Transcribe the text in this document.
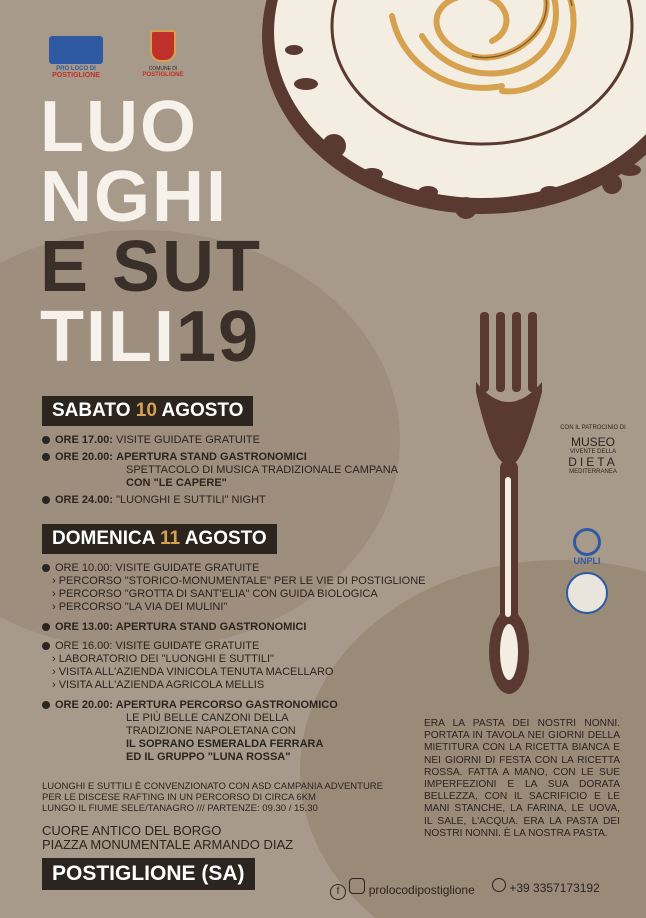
PRO LOCO DI
POSTIGLIONE
COMUNE DI
POSTIGLIONE
LUO
NGHI
E SUT
TILI19
SABATO 10 AGOSTO
ORE 17.00: VISITE GUIDATE GRATUITE
ORE 20.00: APERTURA STAND GASTRONOMICI
SPETTACOLO DI MUSICA TRADIZIONALE CAMPANA
CON "LE CAPERE"
ORE 24.00: "LUONGHI E SUTTILI" NIGHT
DOMENICA 11 AGOSTO
ORE 10.00: VISITE GUIDATE GRATUITE
› PERCORSO "STORICO-MONUMENTALE" PER LE VIE DI POSTIGLIONE
› PERCORSO "GROTTA DI SANT'ELIA" CON GUIDA BIOLOGICA
› PERCORSO "LA VIA DEI MULINI"
ORE 13.00: APERTURA STAND GASTRONOMICI
ORE 16.00: VISITE GUIDATE GRATUITE
› LABORATORIO DEI "LUONGHI E SUTTILI"
› VISITA ALL'AZIENDA VINICOLA TENUTA MACELLARO
› VISITA ALL'AZIENDA AGRICOLA MELLIS
ORE 20.00: APERTURA PERCORSO GASTRONOMICO
LE PIÙ BELLE CANZONI DELLA
TRADIZIONE NAPOLETANA CON
IL SOPRANO ESMERALDA FERRARA
ED IL GRUPPO "LUNA ROSSA"
LUONGHI E SUTTILI È CONVENZIONATO CON ASD CAMPANIA ADVENTURE
PER LE DISCESE RAFTING IN UN PERCORSO DI CIRCA 6KM
LUNGO IL FIUME SELE/TANAGRO /// PARTENZE: 09.30 / 15.30
CUORE ANTICO DEL BORGO
PIAZZA MONUMENTALE ARMANDO DIAZ
POSTIGLIONE (SA)
ERA LA PASTA DEI NOSTRI NONNI. PORTATA IN TAVOLA NEI GIORNI DELLA MIETITURA CON LA RICETTA BIANCA E NEI GIORNI DI FESTA CON LA RICETTA ROSSA. FATTA A MANO, CON LE SUE IMPERFEZIONI E LA SUA DORATA BELLEZZA, CON IL SACRIFICIO E LE MANI STANCHE, LA FARINA, LE UOVA, IL SALE, L'ACQUA. ERA LA PASTA DEI NOSTRI NONNI. È LA NOSTRA PASTA.
CON IL PATROCINIO DI
MUSEO
VIVENTE DELLA
DIETA
MEDITERRANEA
UNPLI
f prolocodipostiglione	+39 3357173192
